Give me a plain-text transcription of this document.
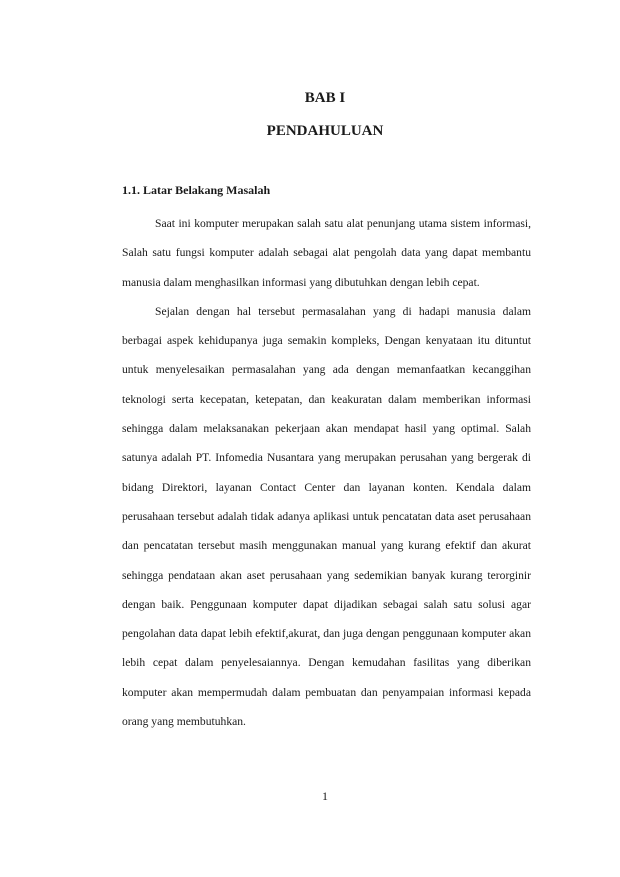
BAB I
PENDAHULUAN
1.1. Latar Belakang Masalah

Saat ini komputer merupakan salah satu alat penunjang utama sistem informasi, Salah satu fungsi komputer adalah sebagai alat pengolah data yang dapat membantu manusia dalam menghasilkan informasi yang dibutuhkan dengan lebih cepat.

Sejalan dengan hal tersebut permasalahan yang di hadapi manusia dalam berbagai aspek kehidupanya juga semakin kompleks, Dengan kenyataan itu dituntut untuk menyelesaikan permasalahan yang ada dengan memanfaatkan kecanggihan teknologi serta kecepatan, ketepatan, dan keakuratan dalam memberikan informasi sehingga dalam melaksanakan pekerjaan akan mendapat hasil yang optimal. Salah satunya adalah PT. Infomedia Nusantara yang merupakan perusahan yang bergerak di bidang Direktori, layanan Contact Center dan layanan konten. Kendala dalam perusahaan tersebut adalah tidak adanya aplikasi untuk pencatatan data aset perusahaan dan pencatatan tersebut masih menggunakan manual yang kurang efektif dan akurat sehingga pendataan akan aset perusahaan yang sedemikian banyak kurang terorginir dengan baik. Penggunaan komputer dapat dijadikan sebagai salah satu solusi agar pengolahan data dapat lebih efektif,akurat, dan juga dengan penggunaan komputer akan lebih cepat dalam penyelesaiannya. Dengan kemudahan fasilitas yang diberikan komputer akan mempermudah dalam pembuatan dan penyampaian informasi kepada orang yang membutuhkan.

1
